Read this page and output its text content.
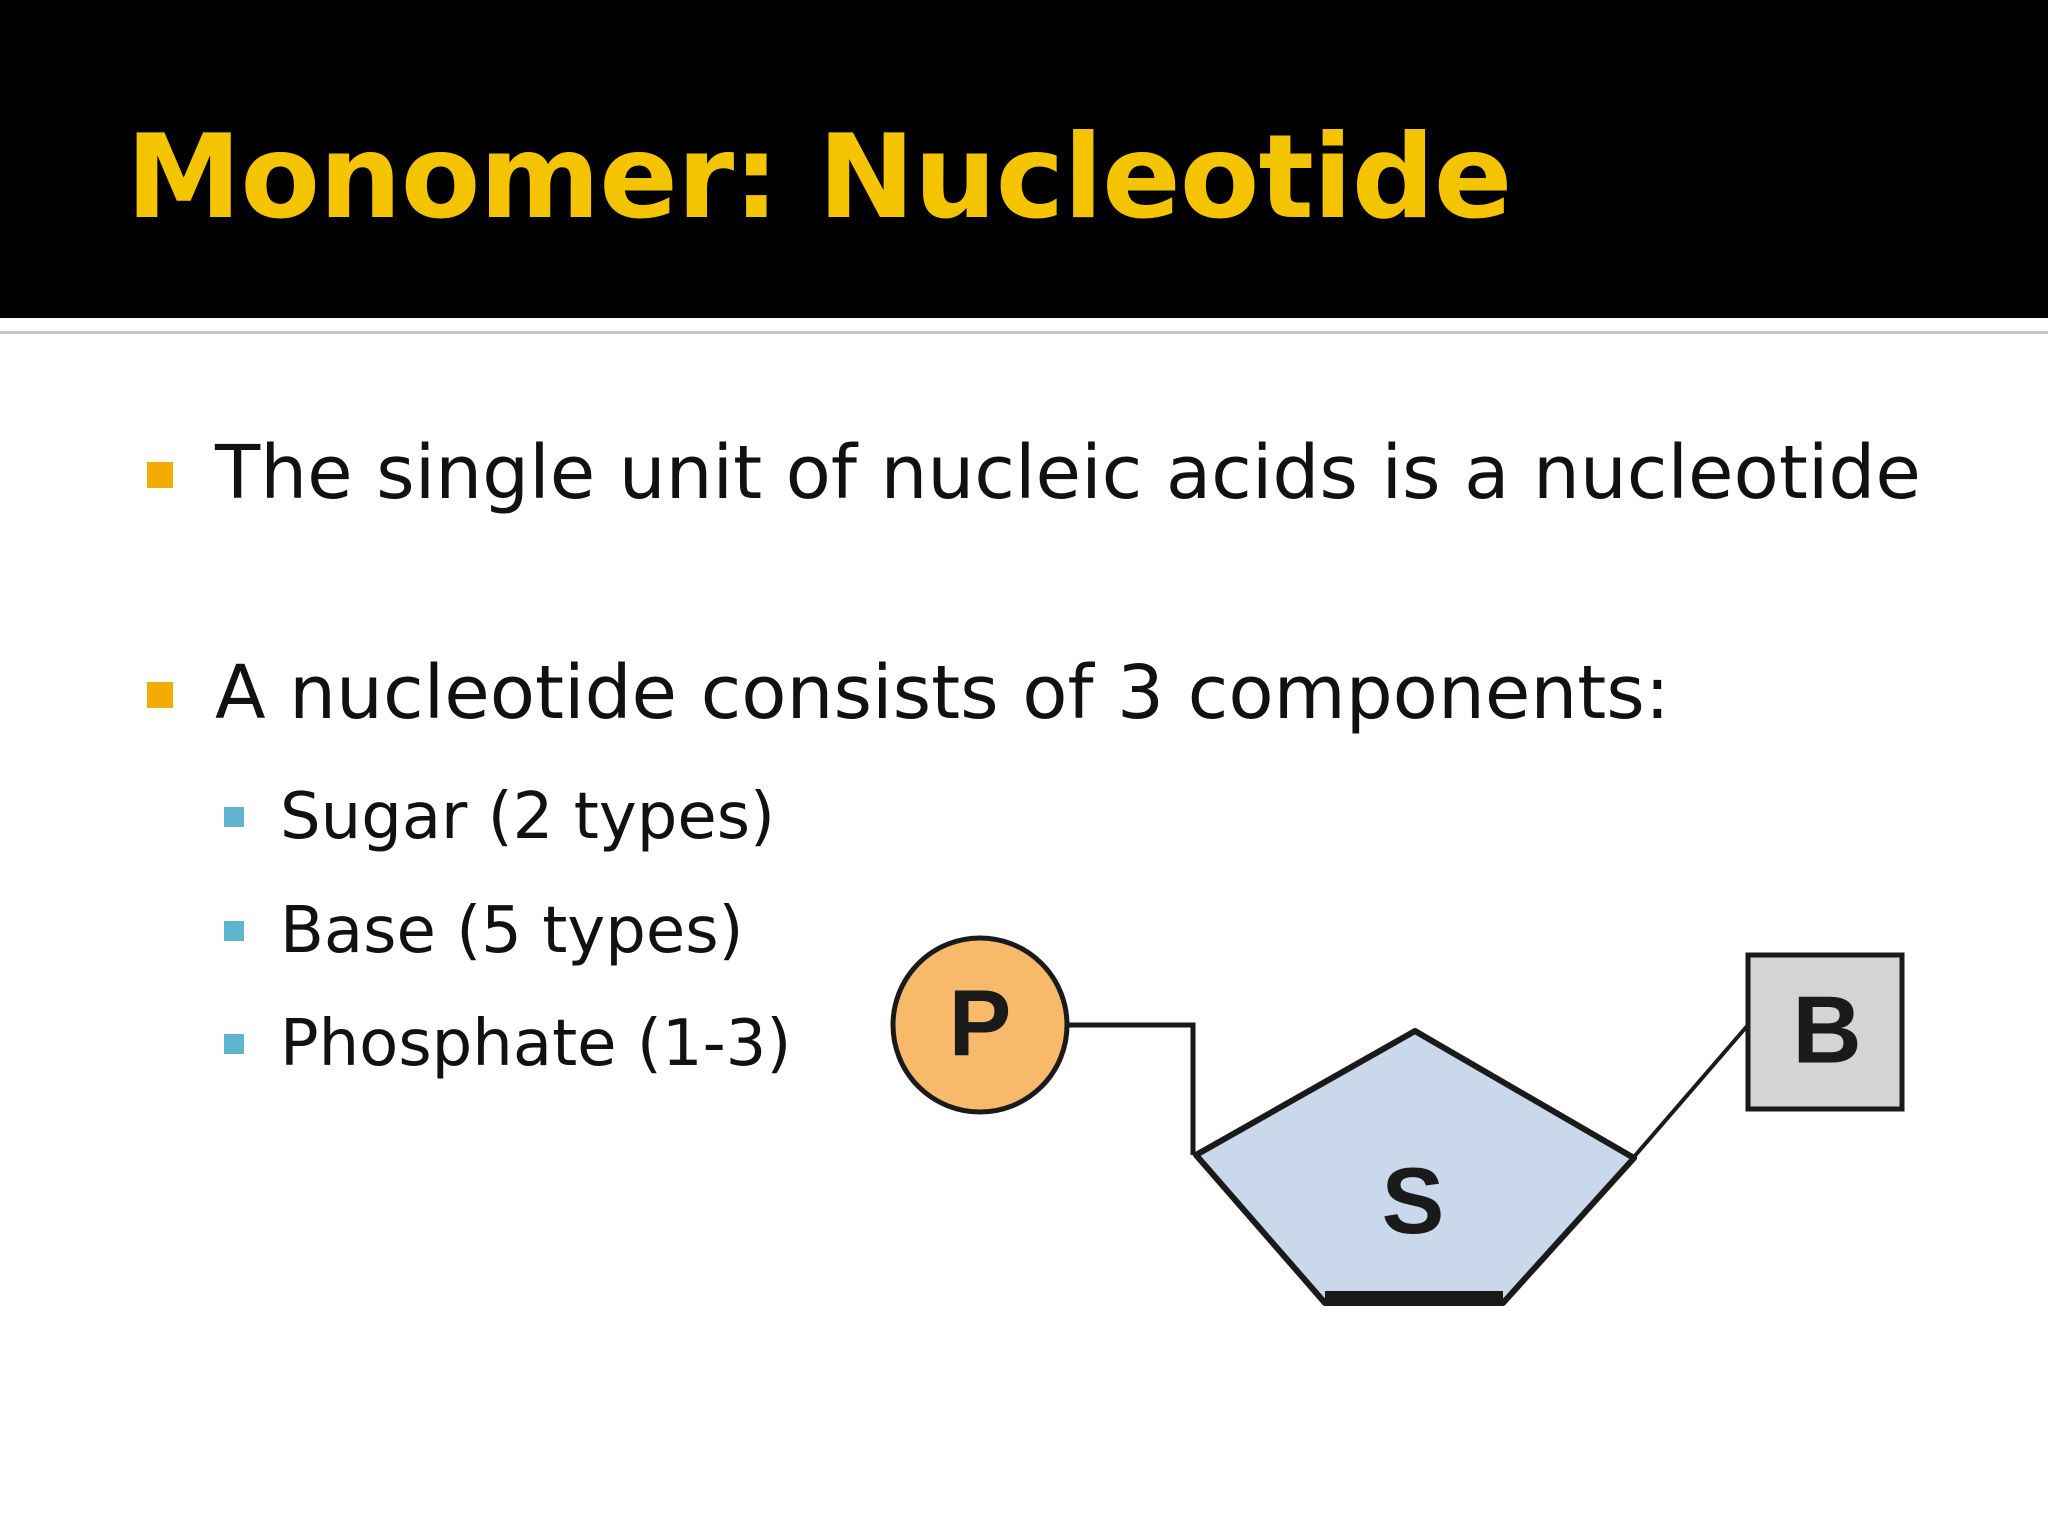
Monomer: Nucleotide
The single unit of nucleic acids is a nucleotide
A nucleotide consists of 3 components:
Sugar (2 types)
Base (5 types)
Phosphate (1-3)
S
P	B
